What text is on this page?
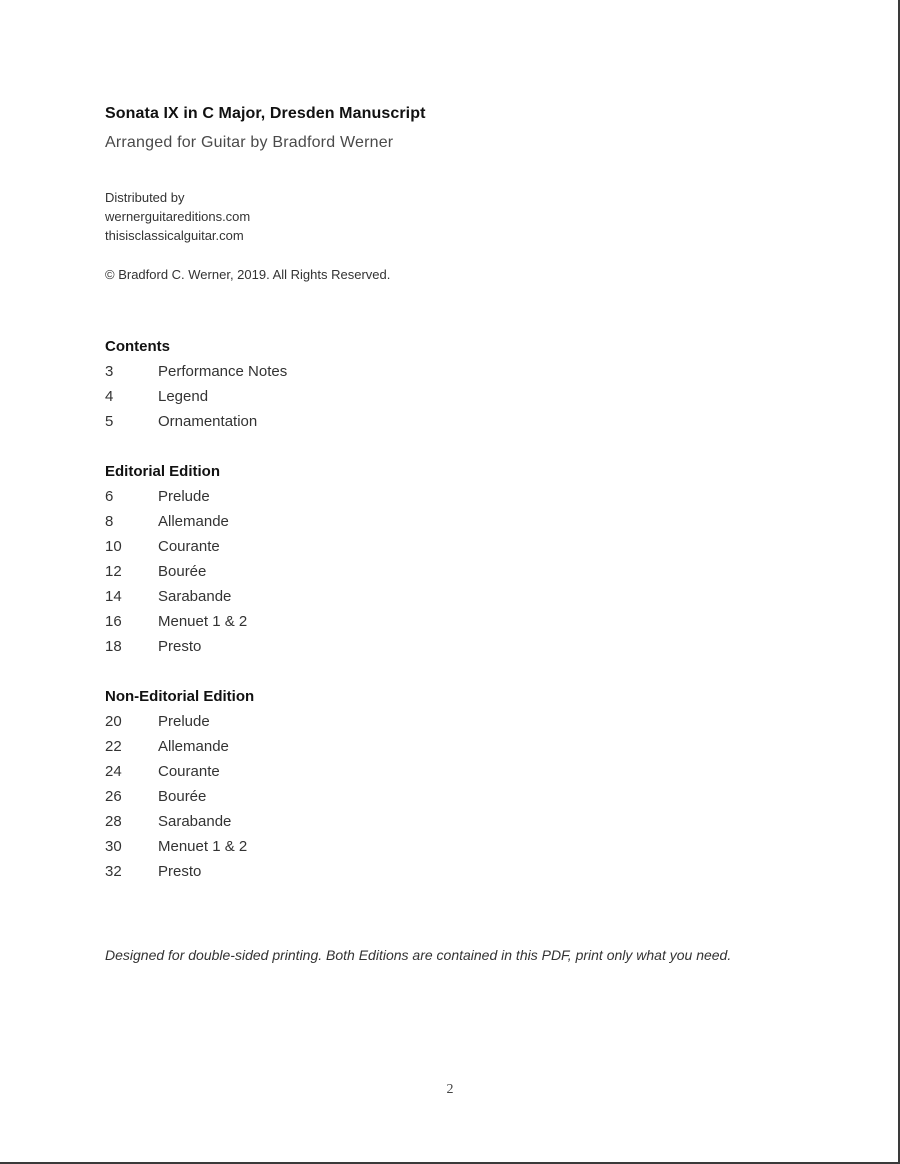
Sonata IX in C Major, Dresden Manuscript
Arranged for Guitar by Bradford Werner
Distributed by
wernerguitareditions.com
thisisclassicalguitar.com
© Bradford C. Werner, 2019. All Rights Reserved.
Contents
3	Performance Notes
4	Legend
5	Ornamentation
Editorial Edition
6	Prelude
8	Allemande
10	Courante
12	Bourée
14	Sarabande
16	Menuet 1 & 2
18	Presto
Non-Editorial Edition
20	Prelude
22	Allemande
24	Courante
26	Bourée
28	Sarabande
30	Menuet 1 & 2
32	Presto
Designed for double-sided printing. Both Editions are contained in this PDF, print only what you need.
2
